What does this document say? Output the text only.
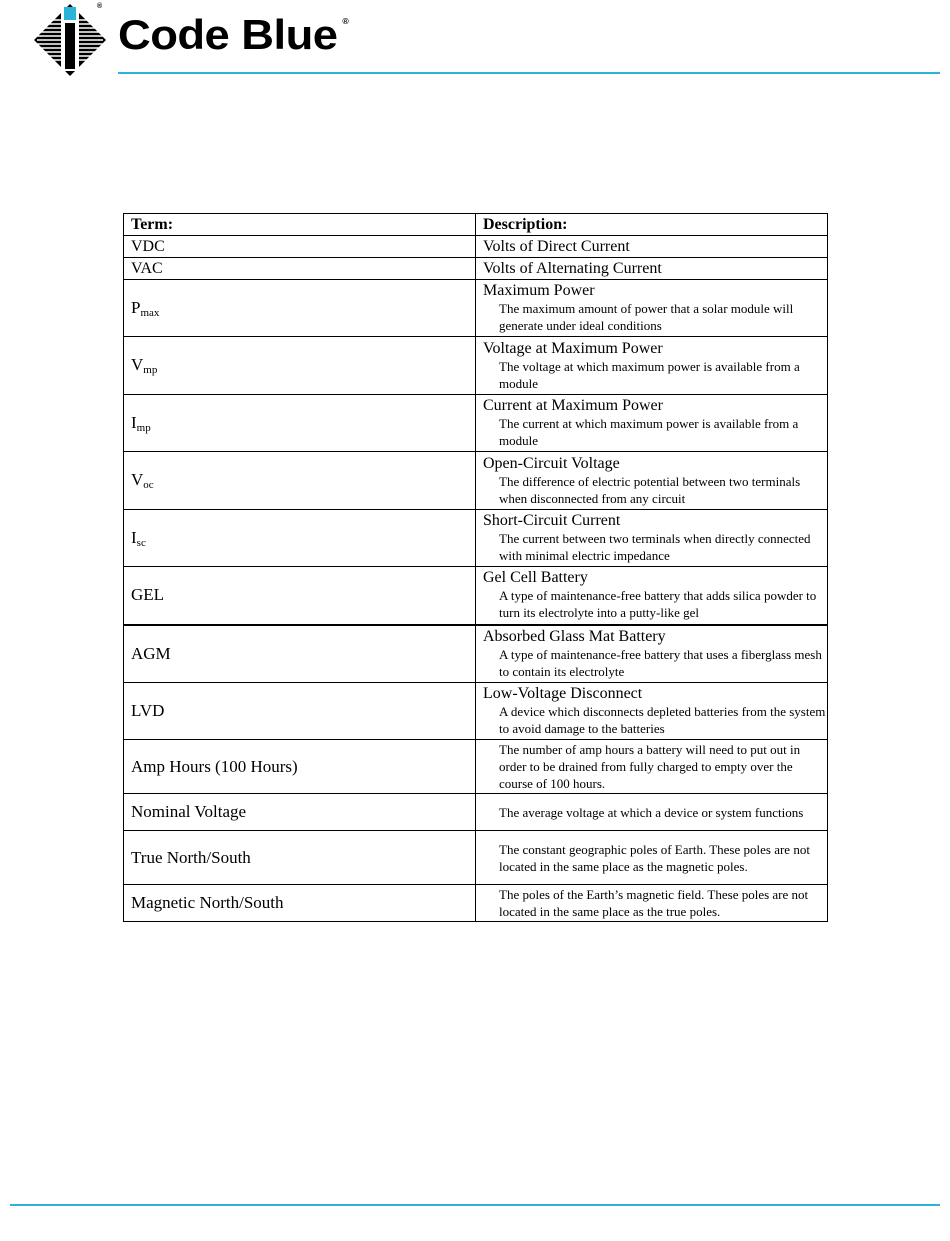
®
Code Blue ®
Term:	Description:
VDC	Volts of Direct Current

VAC	Volts of Alternating Current

$P_{max}$	Maximum Power
The maximum amount of power that a solar module will generate under ideal conditions

$V_{mp}$	Voltage at Maximum Power
The voltage at which maximum power is available from a module

$I_{mp}$	Current at Maximum Power
The current at which maximum power is available from a module

$V_{oc}$	Open-Circuit Voltage
The difference of electric potential between two terminals when disconnected from any circuit

$I_{sc}$	Short-Circuit Current
The current between two terminals when directly connected with minimal electric impedance

GEL	Gel Cell Battery
A type of maintenance-free battery that adds silica powder to turn its electrolyte into a putty-like gel

AGM	Absorbed Glass Mat Battery
A type of maintenance-free battery that uses a fiberglass mesh to contain its electrolyte

LVD	Low-Voltage Disconnect
A device which disconnects depleted batteries from the system to avoid damage to the batteries

Amp Hours (100 Hours)	The number of amp hours a battery will need to put out in order to be drained from fully charged to empty over the course of 100 hours.

Nominal Voltage	The average voltage at which a device or system functions

True North/South	The constant geographic poles of Earth. These poles are not located in the same place as the magnetic poles.

Magnetic North/South	The poles of the Earth’s magnetic field. These poles are not located in the same place as the true poles.
